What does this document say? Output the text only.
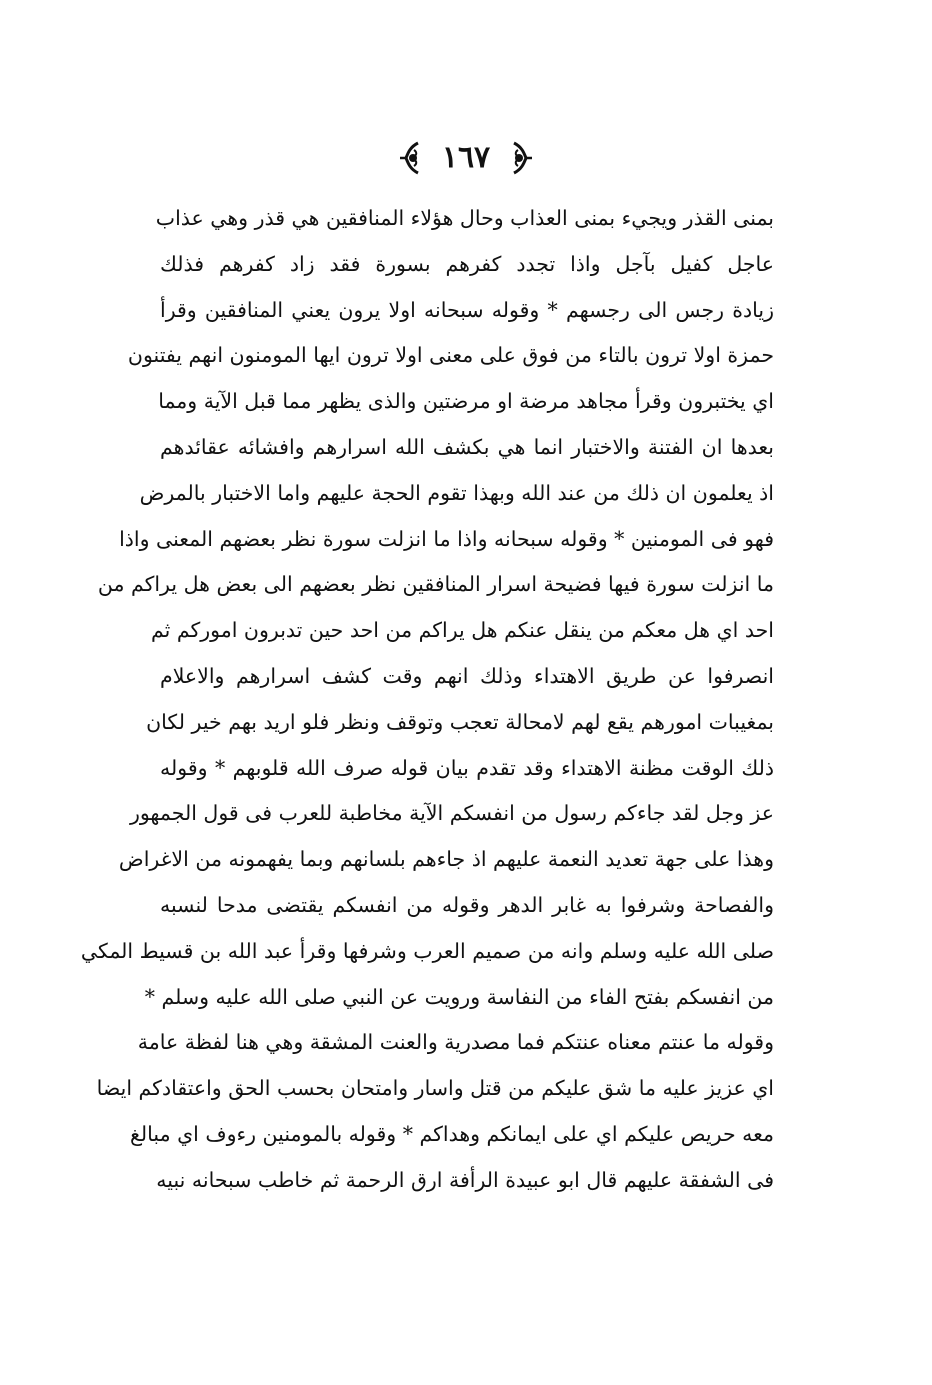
١٦٧
بمنى القذر ويجيء بمنى العذاب وحال هؤلاء المنافقين هي قذر وهي عذاب
عاجل كفيل بآجل واذا تجدد كفرهم بسورة فقد زاد كفرهم فذلك
زيادة رجس الى رجسهم * وقوله سبحانه اولا يرون يعني المنافقين وقرأ
حمزة اولا ترون بالتاء من فوق على معنى اولا ترون ايها المومنون انهم يفتنون
اي يختبرون وقرأ مجاهد مرضة او مرضتين والذى يظهر مما قبل الآية ومما
بعدها ان الفتنة والاختبار انما هي بكشف الله اسرارهم وافشائه عقائدهم
اذ يعلمون ان ذلك من عند الله وبهذا تقوم الحجة عليهم واما الاختبار بالمرض
فهو فى المومنين * وقوله سبحانه واذا ما انزلت سورة نظر بعضهم المعنى واذا
ما انزلت سورة فيها فضيحة اسرار المنافقين نظر بعضهم الى بعض هل يراكم من
احد اي هل معكم من ينقل عنكم هل يراكم من احد حين تدبرون اموركم ثم
انصرفوا عن طريق الاهتداء وذلك انهم وقت كشف اسرارهم والاعلام
بمغيبات امورهم يقع لهم لامحالة تعجب وتوقف ونظر فلو اريد بهم خير لكان
ذلك الوقت مظنة الاهتداء وقد تقدم بيان قوله صرف الله قلوبهم * وقوله
عز وجل لقد جاءكم رسول من انفسكم الآية مخاطبة للعرب فى قول الجمهور
وهذا على جهة تعديد النعمة عليهم اذ جاءهم بلسانهم وبما يفهمونه من الاغراض
والفصاحة وشرفوا به غابر الدهر وقوله من انفسكم يقتضى مدحا لنسبه
صلى الله عليه وسلم وانه من صميم العرب وشرفها وقرأ عبد الله بن قسيط المكي
من انفسكم بفتح الفاء من النفاسة ورويت عن النبي صلى الله عليه وسلم *
وقوله ما عنتم معناه عنتكم فما مصدرية والعنت المشقة وهي هنا لفظة عامة
اي عزيز عليه ما شق عليكم من قتل واسار وامتحان بحسب الحق واعتقادكم ايضا
معه حريص عليكم اي على ايمانكم وهداكم * وقوله بالمومنين رءوف اي مبالغ
فى الشفقة عليهم قال ابو عبيدة الرأفة ارق الرحمة ثم خاطب سبحانه نبيه
